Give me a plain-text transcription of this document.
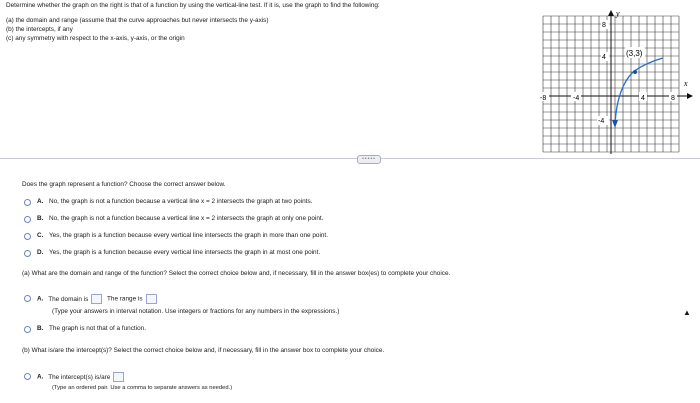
Determine whether the graph on the right is that of a function by using the vertical-line test. If it is, use the graph to find the following:
(a) the domain and range (assume that the curve approaches but never intersects the y-axis)
(b) the intercepts, if any
(c) any symmetry with respect to the x-axis, y-axis, or the origin
y
x
(3,3)
-8	-4	4	8
8
4
-4
•••••
Does the graph represent a function? Choose the correct answer below.
A. No, the graph is not a function because a vertical line x = 2 intersects the graph at two points.
B. No, the graph is not a function because a vertical line x = 2 intersects the graph at only one point.
C. Yes, the graph is a function because every vertical line intersects the graph in more than one point.
D. Yes, the graph is a function because every vertical line intersects the graph in at most one point.
(a) What are the domain and range of the function? Select the correct choice below and, if necessary, fill in the answer box(es) to complete your choice.
A. The domain is	The range is
(Type your answers in interval notation. Use integers or fractions for any numbers in the expressions.)
B. The graph is not that of a function.
(b) What is/are the intercept(s)? Select the correct choice below and, if necessary, fill in the answer box to complete your choice.
A. The intercept(s) is/are
(Type an ordered pair. Use a comma to separate answers as needed.)
▲
